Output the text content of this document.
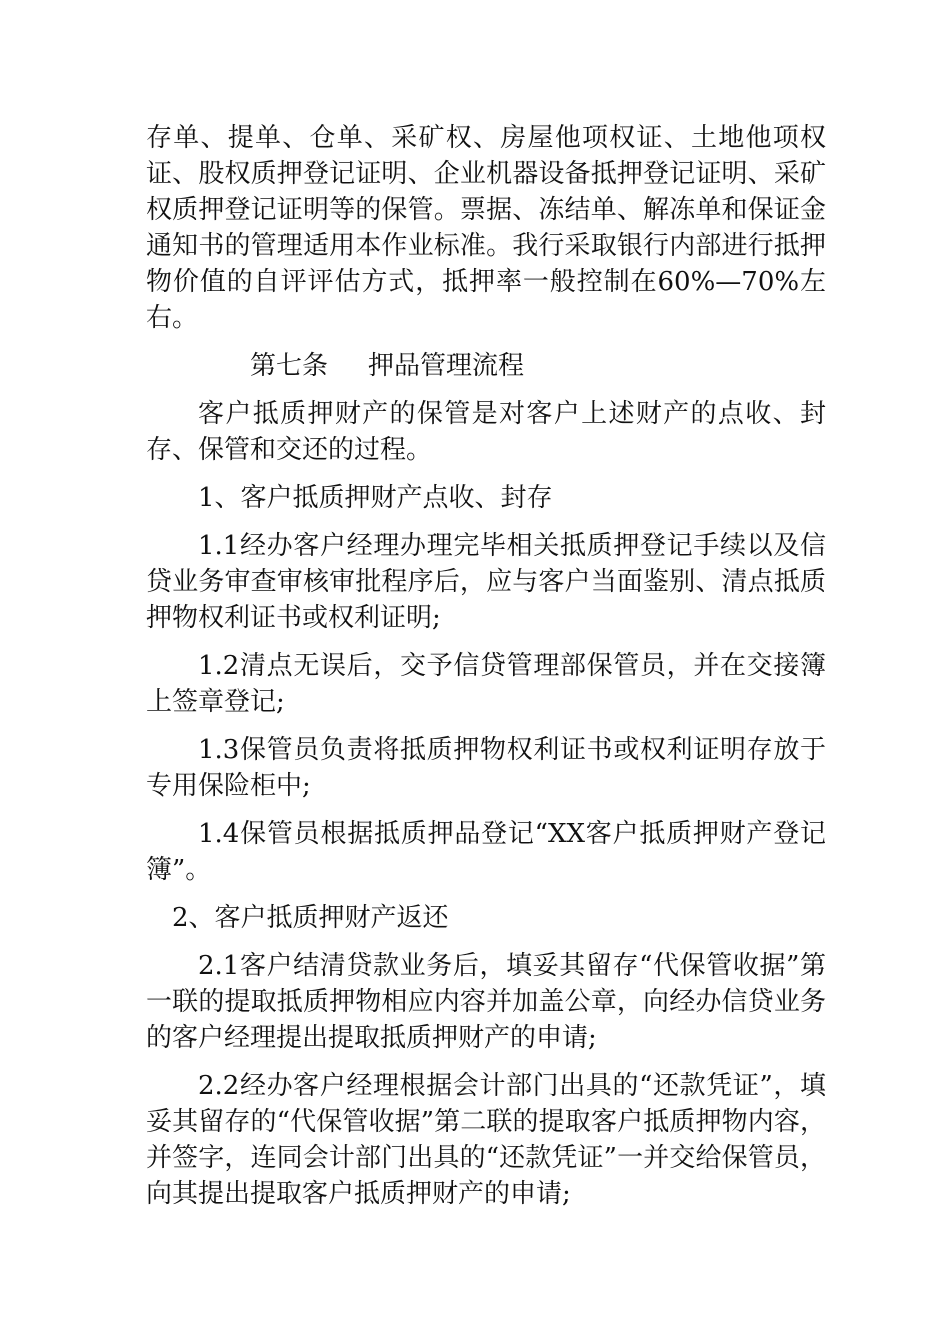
存单、提单、仓单、采矿权、房屋他项权证、土地他项权证、股权质押登记证明、企业机器设备抵押登记证明、采矿权质押登记证明等的保管。票据、冻结单、解冻单和保证金通知书的管理适用本作业标准。我行采取银行内部进行抵押物价值的自评评估方式，抵押率一般控制在60%—70%左右。

第七条 押品管理流程

客户抵质押财产的保管是对客户上述财产的点收、封存、保管和交还的过程。

1、客户抵质押财产点收、封存

1.1经办客户经理办理完毕相关抵质押登记手续以及信贷业务审查审核审批程序后，应与客户当面鉴别、清点抵质押物权利证书或权利证明;

1.2清点无误后，交予信贷管理部保管员，并在交接簿上签章登记;

1.3保管员负责将抵质押物权利证书或权利证明存放于专用保险柜中;

1.4保管员根据抵质押品登记“XX客户抵质押财产登记簿”。

2、客户抵质押财产返还

2.1客户结清贷款业务后，填妥其留存“代保管收据”第一联的提取抵质押物相应内容并加盖公章，向经办信贷业务的客户经理提出提取抵质押财产的申请;

2.2经办客户经理根据会计部门出具的“还款凭证”，填妥其留存的“代保管收据”第二联的提取客户抵质押物内容，并签字，连同会计部门出具的“还款凭证”一并交给保管员，向其提出提取客户抵质押财产的申请;
